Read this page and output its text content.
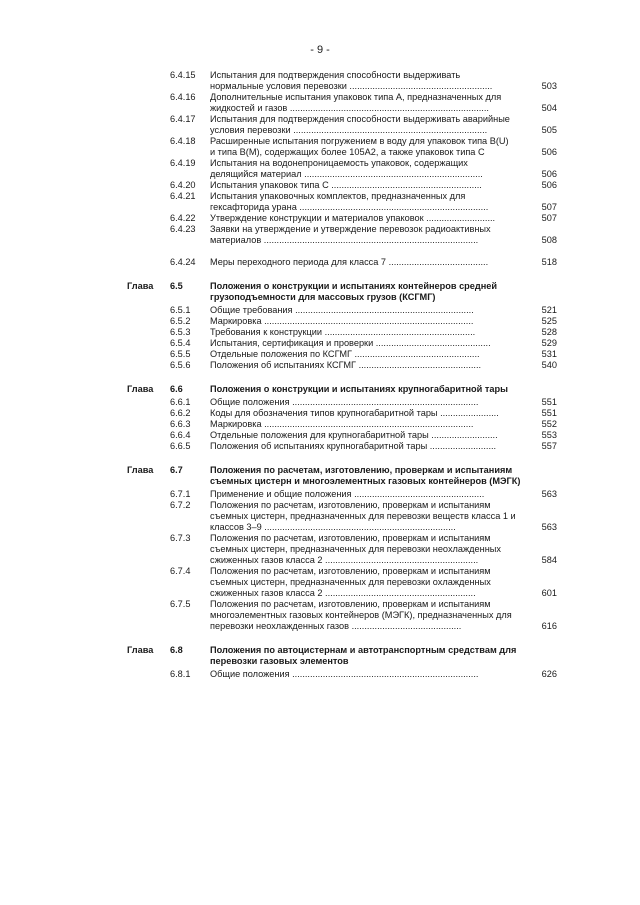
- 9 -
6.4.15 Испытания для подтверждения способности выдерживать нормальные условия перевозки ........................................................	503
6.4.16 Дополнительные испытания упаковок типа A, предназначенных для жидкостей и газов ..............................................................................	504
6.4.17 Испытания для подтверждения способности выдерживать аварийные условия перевозки ............................................................................	505
6.4.18 Расширенные испытания погружением в воду для упаковок типа B(U) и типа B(M), содержащих более 105A2, а также упаковок типа C	506
6.4.19 Испытания на водонепроницаемость упаковок, содержащих делящийся материал ......................................................................	506
6.4.20 Испытания упаковок типа C ...........................................................	506
6.4.21 Испытания упаковочных комплектов, предназначенных для гексафторида урана ..........................................................................	507
6.4.22 Утверждение конструкции и материалов упаковок ...........................	507
6.4.23 Заявки на утверждение и утверждение перевозок радиоактивных материалов ....................................................................................	508
6.4.24 Меры переходного периода для класса 7 .......................................	518
Глава 6.5	Положения о конструкции и испытаниях контейнеров средней грузоподъемности для массовых грузов (КСГМГ)
6.5.1 Общие требования ......................................................................	521
6.5.2 Маркировка ..................................................................................	525
6.5.3 Требования к конструкции ...........................................................	528
6.5.4 Испытания, сертификация и проверки .............................................	529
6.5.5 Отдельные положения по КСГМГ .................................................	531
6.5.6 Положения об испытаниях КСГМГ ................................................	540
Глава 6.6	Положения о конструкции и испытаниях крупногабаритной тары
6.6.1 Общие положения .........................................................................	551
6.6.2 Коды для обозначения типов крупногабаритной тары .......................	551
6.6.3 Маркировка ..................................................................................	552
6.6.4 Отдельные положения для крупногабаритной тары ..........................	553
6.6.5 Положения об испытаниях крупногабаритной тары ..........................	557
Глава 6.7	Положения по расчетам, изготовлению, проверкам и испытаниям съемных цистерн и многоэлементных газовых контейнеров (МЭГК)
6.7.1 Применение и общие положения ...................................................	563
6.7.2 Положения по расчетам, изготовлению, проверкам и испытаниям съемных цистерн, предназначенных для перевозки веществ класса 1 и классов 3–9 ...........................................................................	563
6.7.3 Положения по расчетам, изготовлению, проверкам и испытаниям съемных цистерн, предназначенных для перевозки неохлажденных сжиженных газов класса 2 ............................................................	584
6.7.4 Положения по расчетам, изготовлению, проверкам и испытаниям съемных цистерн, предназначенных для перевозки охлажденных сжиженных газов класса 2 ...........................................................	601
6.7.5 Положения по расчетам, изготовлению, проверкам и испытаниям многоэлементных газовых контейнеров (МЭГК), предназначенных для перевозки неохлажденных газов ...........................................	616
Глава 6.8	Положения по автоцистернам и автотранспортным средствам для перевозки газовых элементов
6.8.1 Общие положения .........................................................................	626
